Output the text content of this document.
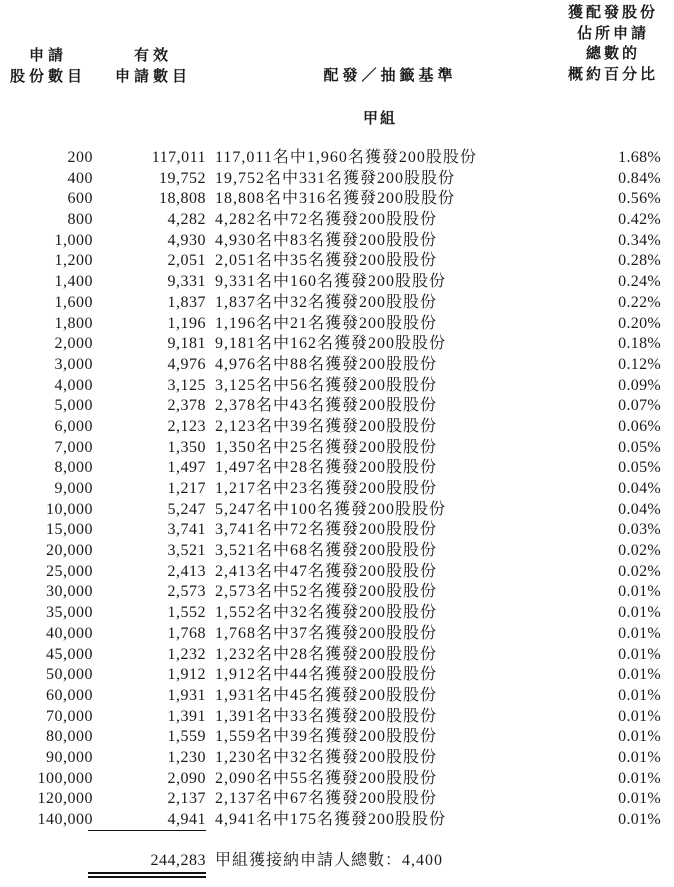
申請
股份數目
有效
申請數目	配發／抽籤基準
獲配發股份
佔所申請
總數的
概約百分比
甲組
200	117,011 117,011名中1,960名獲發200股股份	1.68%
400	19,752 19,752名中331名獲發200股股份	0.84%
600	18,808 18,808名中316名獲發200股股份	0.56%
800	4,282 4,282名中72名獲發200股股份	0.42%
1,000	4,930 4,930名中83名獲發200股股份	0.34%
1,200	2,051 2,051名中35名獲發200股股份	0.28%
1,400	9,331 9,331名中160名獲發200股股份	0.24%
1,600	1,837 1,837名中32名獲發200股股份	0.22%
1,800	1,196 1,196名中21名獲發200股股份	0.20%
2,000	9,181 9,181名中162名獲發200股股份	0.18%
3,000	4,976 4,976名中88名獲發200股股份	0.12%
4,000	3,125 3,125名中56名獲發200股股份	0.09%
5,000	2,378 2,378名中43名獲發200股股份	0.07%
6,000	2,123 2,123名中39名獲發200股股份	0.06%
7,000	1,350 1,350名中25名獲發200股股份	0.05%
8,000	1,497 1,497名中28名獲發200股股份	0.05%
9,000	1,217 1,217名中23名獲發200股股份	0.04%
10,000	5,247 5,247名中100名獲發200股股份	0.04%
15,000	3,741 3,741名中72名獲發200股股份	0.03%
20,000	3,521 3,521名中68名獲發200股股份	0.02%
25,000	2,413 2,413名中47名獲發200股股份	0.02%
30,000	2,573 2,573名中52名獲發200股股份	0.01%
35,000	1,552 1,552名中32名獲發200股股份	0.01%
40,000	1,768 1,768名中37名獲發200股股份	0.01%
45,000	1,232 1,232名中28名獲發200股股份	0.01%
50,000	1,912 1,912名中44名獲發200股股份	0.01%
60,000	1,931 1,931名中45名獲發200股股份	0.01%
70,000	1,391 1,391名中33名獲發200股股份	0.01%
80,000	1,559 1,559名中39名獲發200股股份	0.01%
90,000	1,230 1,230名中32名獲發200股股份	0.01%
100,000	2,090 2,090名中55名獲發200股股份	0.01%
120,000	2,137 2,137名中67名獲發200股股份	0.01%
140,000	4,941 4,941名中175名獲發200股股份	0.01%
244,283 甲組獲接納申請人總數：4,400
